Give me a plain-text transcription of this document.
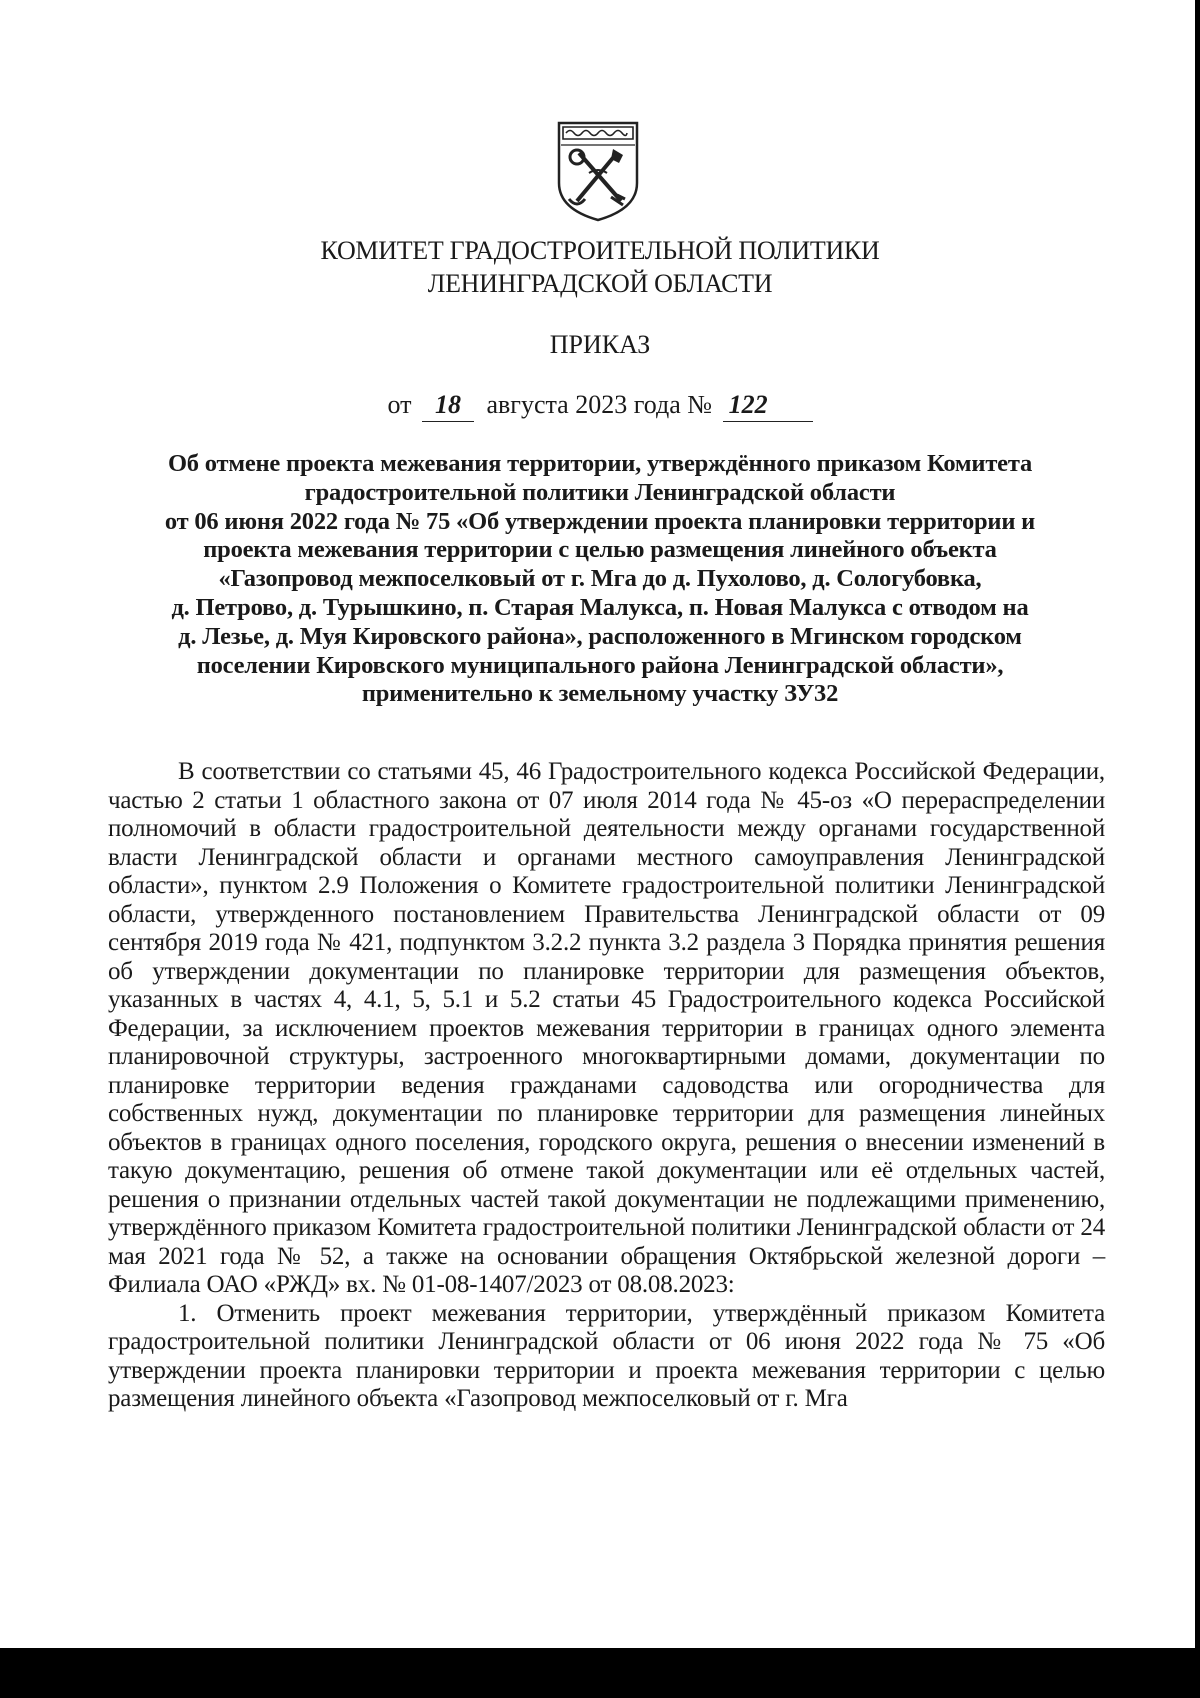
КОМИТЕТ ГРАДОСТРОИТЕЛЬНОЙ ПОЛИТИКИ
ЛЕНИНГРАДСКОЙ ОБЛАСТИ
ПРИКАЗ
от 18 августа 2023 года № 122
Об отмене проекта межевания территории, утверждённого приказом Комитета
градостроительной политики Ленинградской области
от 06 июня 2022 года № 75 «Об утверждении проекта планировки территории и
проекта межевания территории с целью размещения линейного объекта
«Газопровод межпоселковый от г. Мга до д. Пухолово, д. Сологубовка,
д. Петрово, д. Турышкино, п. Старая Малукса, п. Новая Малукса с отводом на
д. Лезье, д. Муя Кировского района», расположенного в Мгинском городском
поселении Кировского муниципального района Ленинградской области»,
применительно к земельному участку ЗУ32

В соответствии со статьями 45, 46 Градостроительного кодекса Российской Федерации, частью 2 статьи 1 областного закона от 07 июля 2014 года № 45-оз «О перераспределении полномочий в области градостроительной деятельности между органами государственной власти Ленинградской области и органами местного самоуправления Ленинградской области», пунктом 2.9 Положения о Комитете градостроительной политики Ленинградской области, утвержденного постановлением Правительства Ленинградской области от 09 сентября 2019 года № 421, подпунктом 3.2.2 пункта 3.2 раздела 3 Порядка принятия решения об утверждении документации по планировке территории для размещения объектов, указанных в частях 4, 4.1, 5, 5.1 и 5.2 статьи 45 Градостроительного кодекса Российской Федерации, за исключением проектов межевания территории в границах одного элемента планировочной структуры, застроенного многоквартирными домами, документации по планировке территории ведения гражданами садоводства или огородничества для собственных нужд, документации по планировке территории для размещения линейных объектов в границах одного поселения, городского округа, решения о внесении изменений в такую документацию, решения об отмене такой документации или её отдельных частей, решения о признании отдельных частей такой документации не подлежащими применению, утверждённого приказом Комитета градостроительной политики Ленинградской области от 24 мая 2021 года № 52, а также на основании обращения Октябрьской железной дороги – Филиала ОАО «РЖД» вх. № 01-08-1407/2023 от 08.08.2023:

1. Отменить проект межевания территории, утверждённый приказом Комитета градостроительной политики Ленинградской области от 06 июня 2022 года № 75 «Об утверждении проекта планировки территории и проекта межевания территории с целью размещения линейного объекта «Газопровод межпоселковый от г. Мга
